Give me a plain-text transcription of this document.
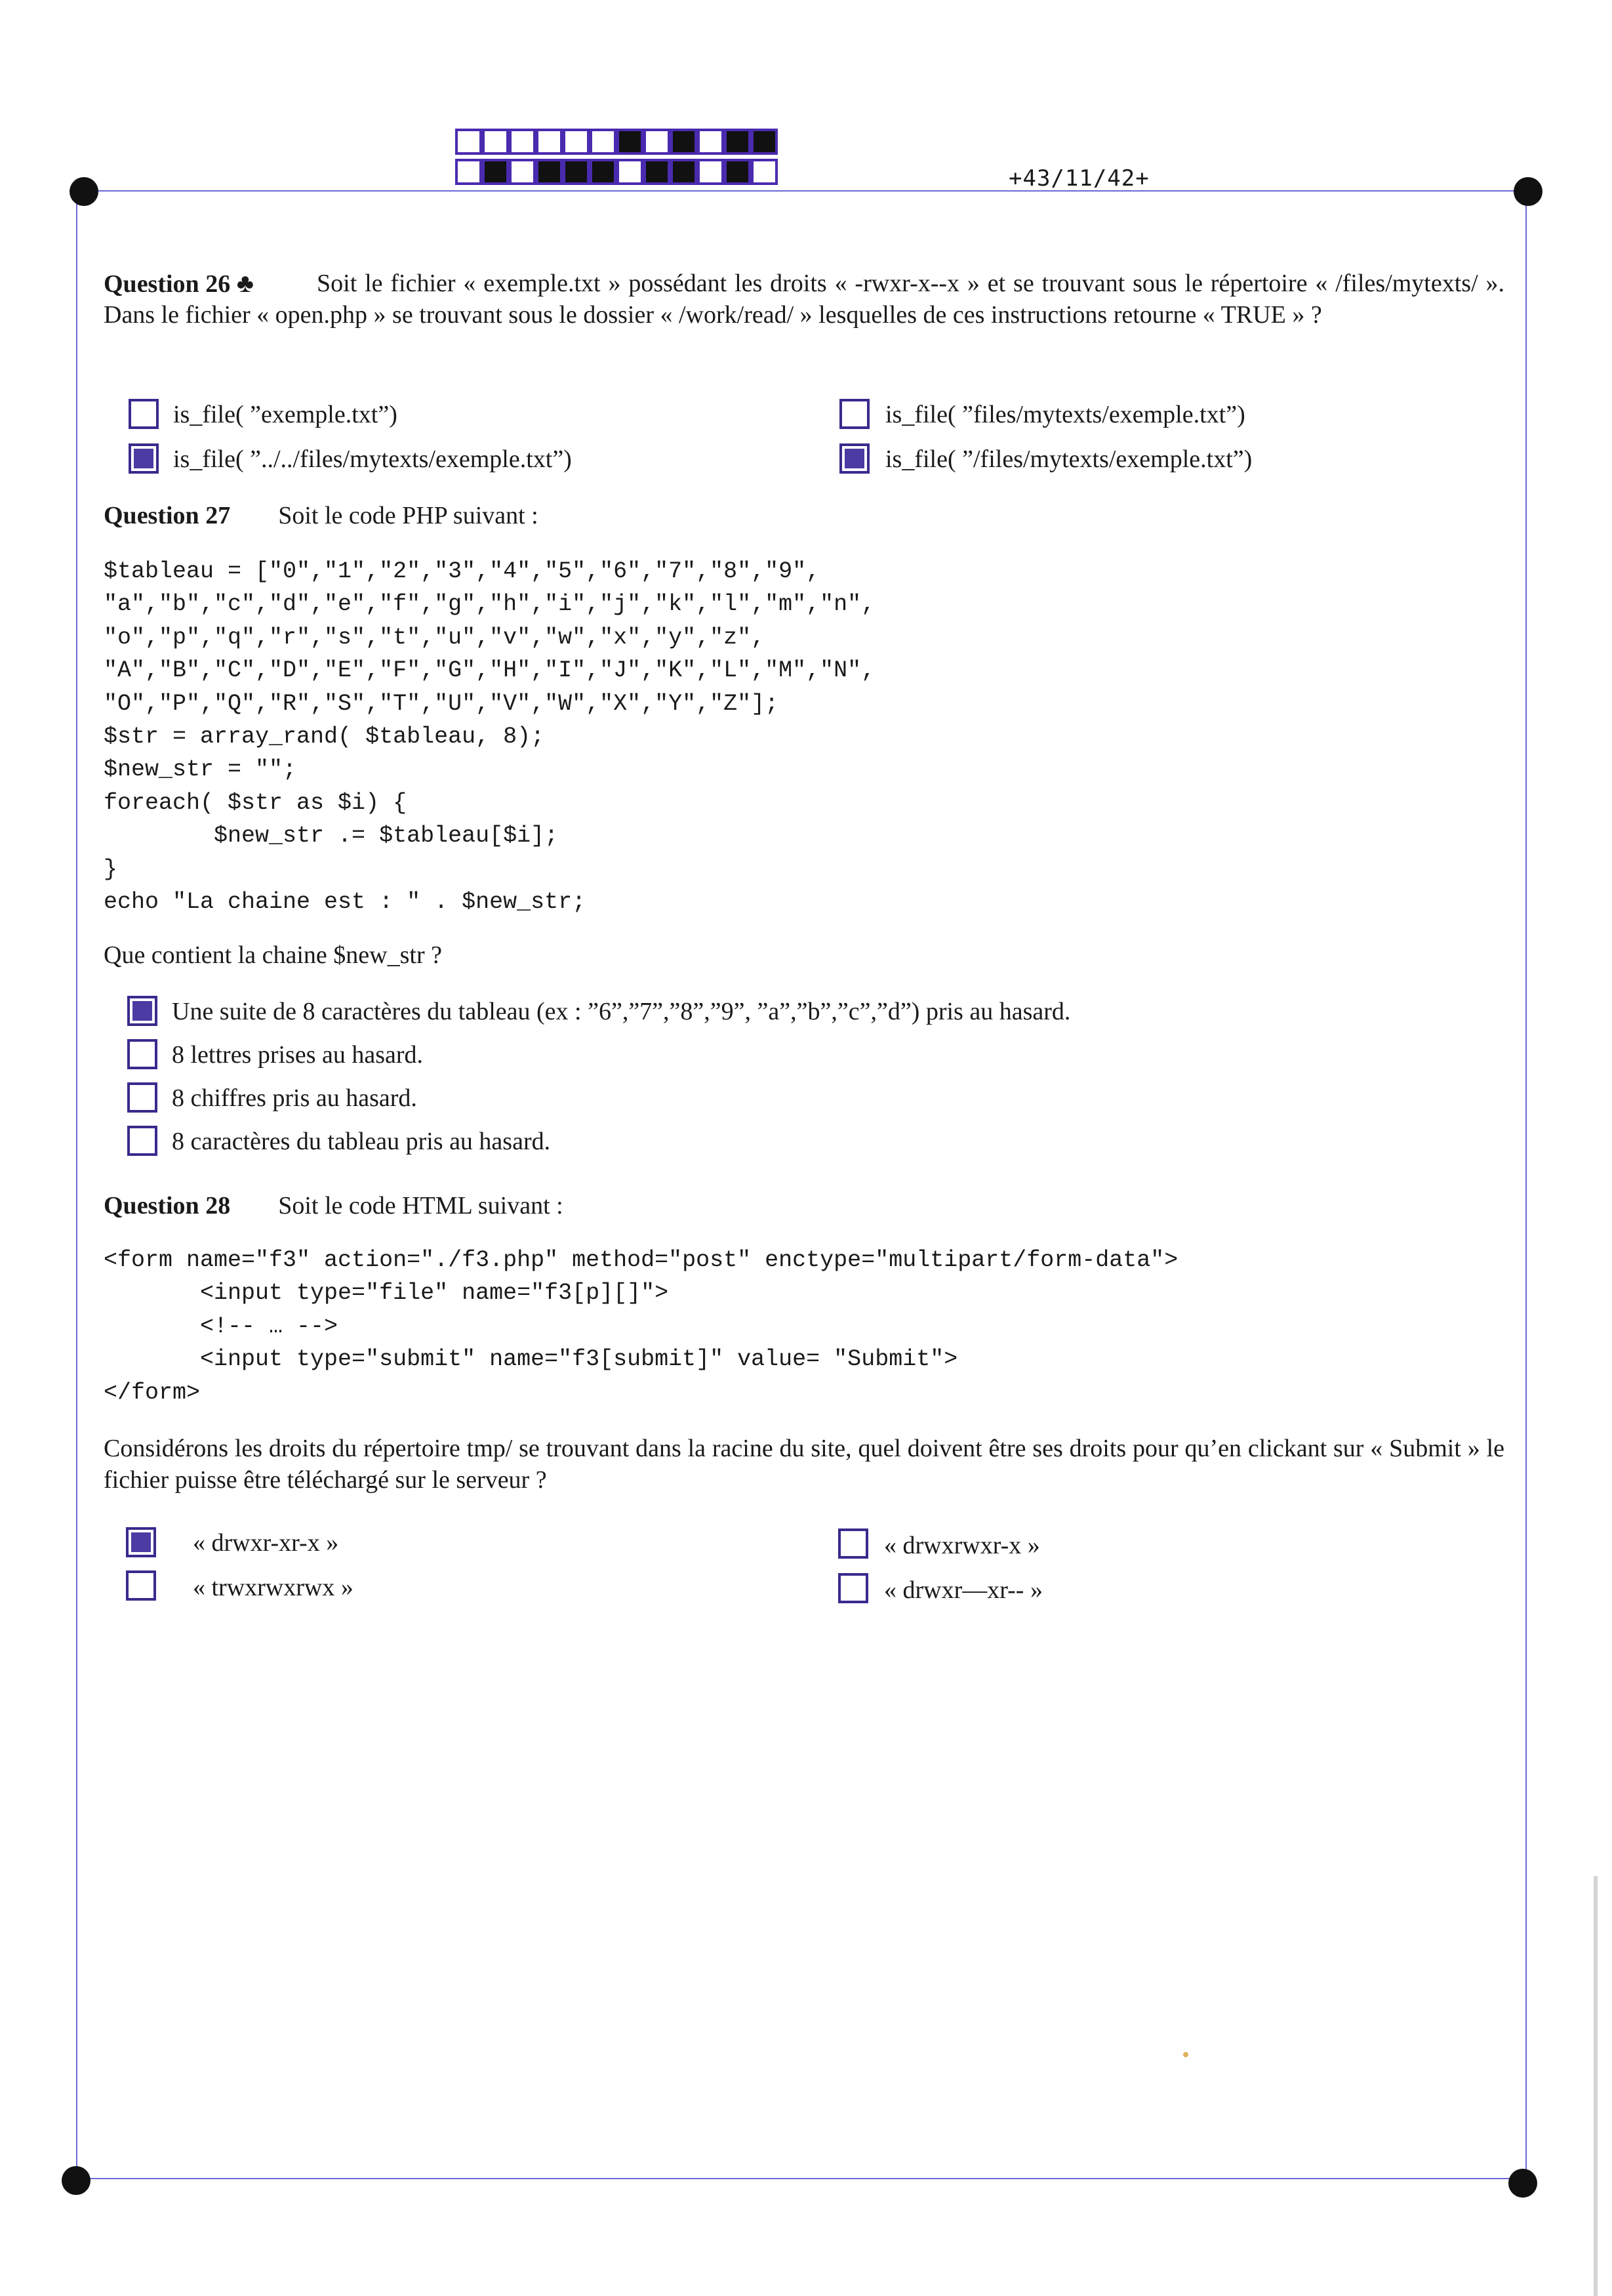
+43/11/42+
Question 26 ♣	Soit le fichier « exemple.txt » possédant les droits « -rwxr-x--x » et se trouvant sous le répertoire « /files/mytexts/ ». Dans le fichier « open.php » se trouvant sous le dossier « /work/read/ » lesquelles de ces instructions retourne « TRUE » ?
is_file( ”exemple.txt”)	is_file( ”files/mytexts/exemple.txt”)
is_file( ”../../files/mytexts/exemple.txt”)	is_file( ”/files/mytexts/exemple.txt”)
Question 27 Soit le code PHP suivant :
$tableau = ["0","1","2","3","4","5","6","7","8","9",
"a","b","c","d","e","f","g","h","i","j","k","l","m","n",
"o","p","q","r","s","t","u","v","w","x","y","z",
"A","B","C","D","E","F","G","H","I","J","K","L","M","N",
"O","P","Q","R","S","T","U","V","W","X","Y","Z"];
$str = array_rand( $tableau, 8);
$new_str = "";
foreach( $str as $i) {
$new_str .= $tableau[$i];
}
echo "La chaine est : " . $new_str;
Que contient la chaine $new_str ?
Une suite de 8 caractères du tableau (ex : ”6”,”7”,”8”,”9”, ”a”,”b”,”c”,”d”) pris au hasard.
8 lettres prises au hasard.
8 chiffres pris au hasard.
8 caractères du tableau pris au hasard.
Question 28 Soit le code HTML suivant :
<form name="f3" action="./f3.php" method="post" enctype="multipart/form-data">
<input type="file" name="f3[p][]">
<!-- … -->
<input type="submit" name="f3[submit]" value= "Submit">
</form>
Considérons les droits du répertoire tmp/ se trouvant dans la racine du site, quel doivent être ses droits pour qu’en clickant sur « Submit » le fichier puisse être téléchargé sur le serveur ?
« drwxr-xr-x »	« drwxrwxr-x »
« trwxrwxrwx »	« drwxr—xr-- »
